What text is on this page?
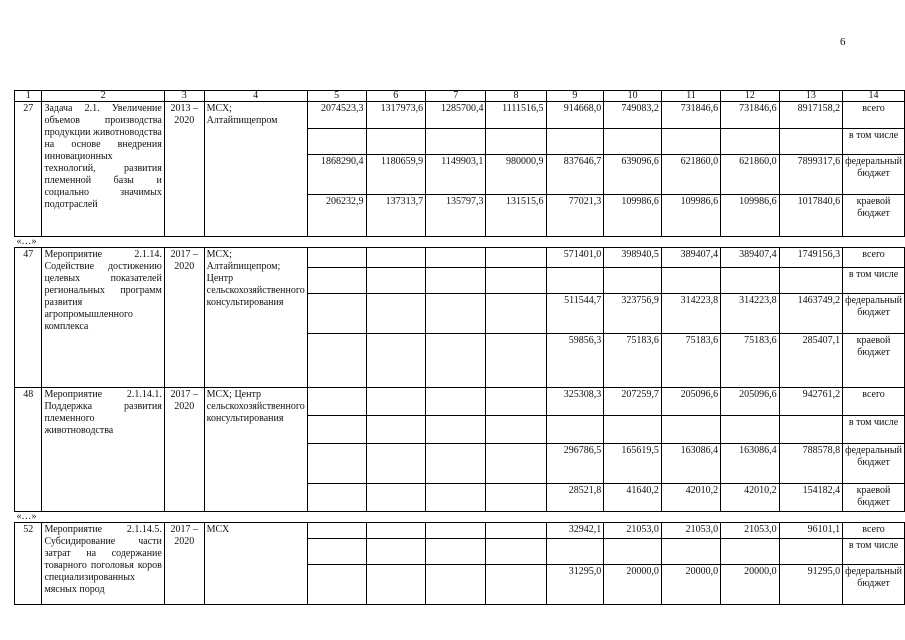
6
1	2	3	4	5	6	7	8	9	10	11	12	13	14
27	Задача 2.1. Увеличение объемов производства продукции животноводства на основе внедрения инновационных технологий, развития племенной базы и социально значимых подотраслей	2013 – 2020	МСХ; Алтайпищепром	2074523,3	1317973,6	1285700,4	1111516,5	914668,0	749083,2	731846,6	731846,6	8917158,2	всего
													в том числе
				1868290,4	1180659,9	1149903,1	980000,9	837646,7	639096,6	621860,0	621860,0	7899317,6	федеральный бюджет
				206232,9	137313,7	135797,3	131515,6	77021,3	109986,6	109986,6	109986,6	1017840,6	краевой бюджет
«…»													
47	Мероприятие 2.1.14. Содействие достижению целевых показателей региональных программ развития агропромышленного комплекса	2017 – 2020	МСХ; Алтайпищепром; Центр сельскохозяйственного консультирования					571401,0	398940,5	389407,4	389407,4	1749156,3	всего
													в том числе
								511544,7	323756,9	314223,8	314223,8	1463749,2	федеральный бюджет
								59856,3	75183,6	75183,6	75183,6	285407,1	краевой бюджет
48	Мероприятие 2.1.14.1. Поддержка развития племенного животноводства	2017 – 2020	МСХ; Центр сельскохозяйственного консультирования					325308,3	207259,7	205096,6	205096,6	942761,2	всего
													в том числе
								296786,5	165619,5	163086,4	163086,4	788578,8	федеральный бюджет
								28521,8	41640,2	42010,2	42010,2	154182,4	краевой бюджет
«…»													
52	Мероприятие 2.1.14.5. Субсидирование части затрат на содержание товарного поголовья коров специализированных мясных пород	2017 – 2020	МСХ					32942,1	21053,0	21053,0	21053,0	96101,1	всего
													в том числе
								31295,0	20000,0	20000,0	20000,0	91295,0	федеральный бюджет
